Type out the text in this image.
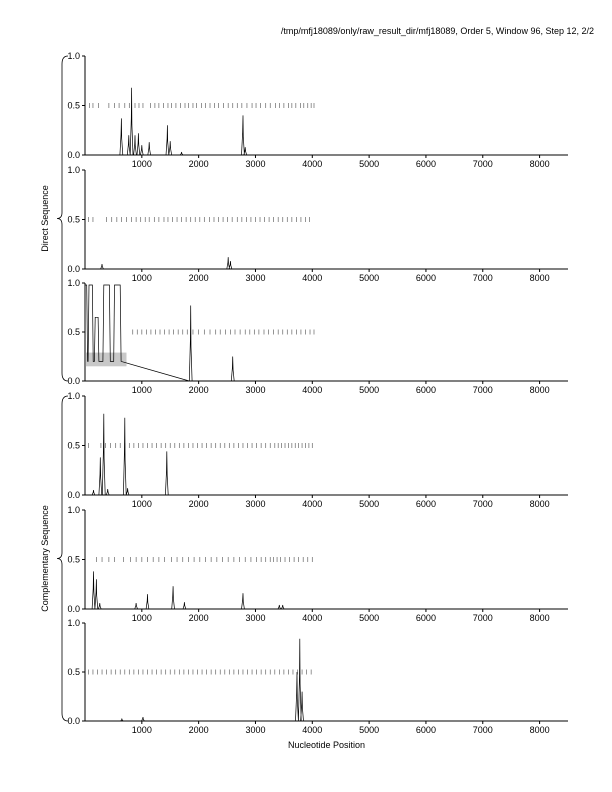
/tmp/mfj18089/only/raw_result_dir/mfj18089, Order 5, Window 96, Step 12, 2/2
0.0
0.5
1.0
1000	2000	3000	4000	5000	6000	7000	8000
0.0
0.5
1.0
1000	2000	3000	4000	5000	6000	7000	8000
0.0
0.5
1.0
1000	2000	3000	4000	5000	6000	7000	8000
0.0
0.5
1.0
1000	2000	3000	4000	5000	6000	7000	8000
0.0
0.5
1.0
1000	2000	3000	4000	5000	6000	7000	8000
0.0
0.5
1.0
1000	2000	3000	4000	5000	6000	7000	8000
Direct Sequence
Complementary Sequence
Nucleotide Position
